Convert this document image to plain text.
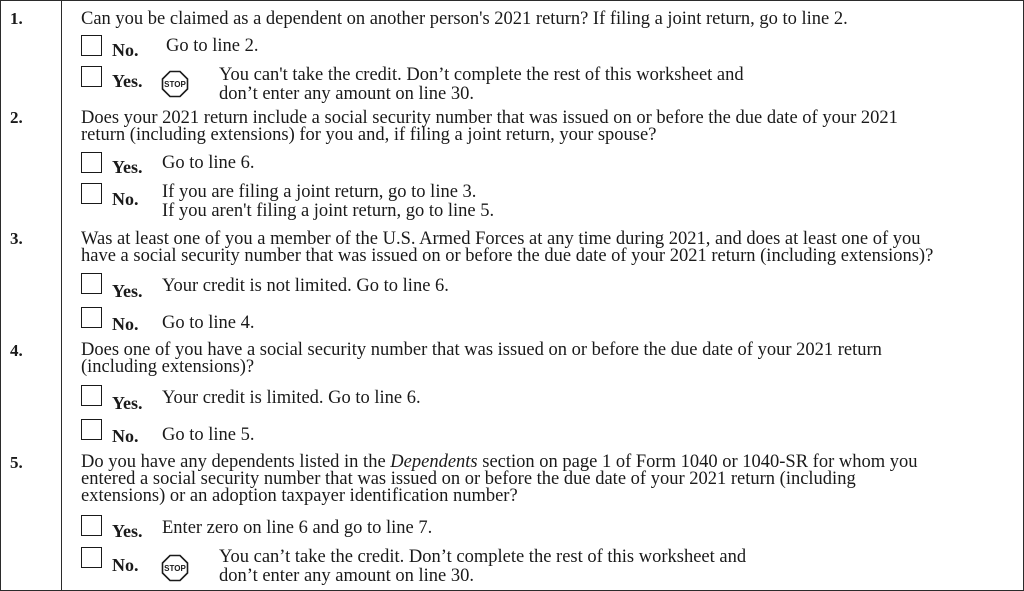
1.	Can you be claimed as a dependent on another person's 2021 return? If filing a joint return, go to line 2.
No. Go to line 2.
Yes.	STOP You can't take the credit. Don’t complete the rest of this worksheet and
don’t enter any amount on line 30.
2.	Does your 2021 return include a social security number that was issued on or before the due date of your 2021
return (including extensions) for you and, if filing a joint return, your spouse?
Yes. Go to line 6.
No. If you are filing a joint return, go to line 3.
If you aren't filing a joint return, go to line 5.
3.	Was at least one of you a member of the U.S. Armed Forces at any time during 2021, and does at least one of you
have a social security number that was issued on or before the due date of your 2021 return (including extensions)?
Yes. Your credit is not limited. Go to line 6.
No. Go to line 4.
4.	Does one of you have a social security number that was issued on or before the due date of your 2021 return
(including extensions)?
Yes. Your credit is limited. Go to line 6.
No. Go to line 5.
5.	Do you have any dependents listed in the Dependents section on page 1 of Form 1040 or 1040-SR for whom you
entered a social security number that was issued on or before the due date of your 2021 return (including
extensions) or an adoption taxpayer identification number?
Yes. Enter zero on line 6 and go to line 7.
No.	STOP
You can’t take the credit. Don’t complete the rest of this worksheet and
don’t enter any amount on line 30.
